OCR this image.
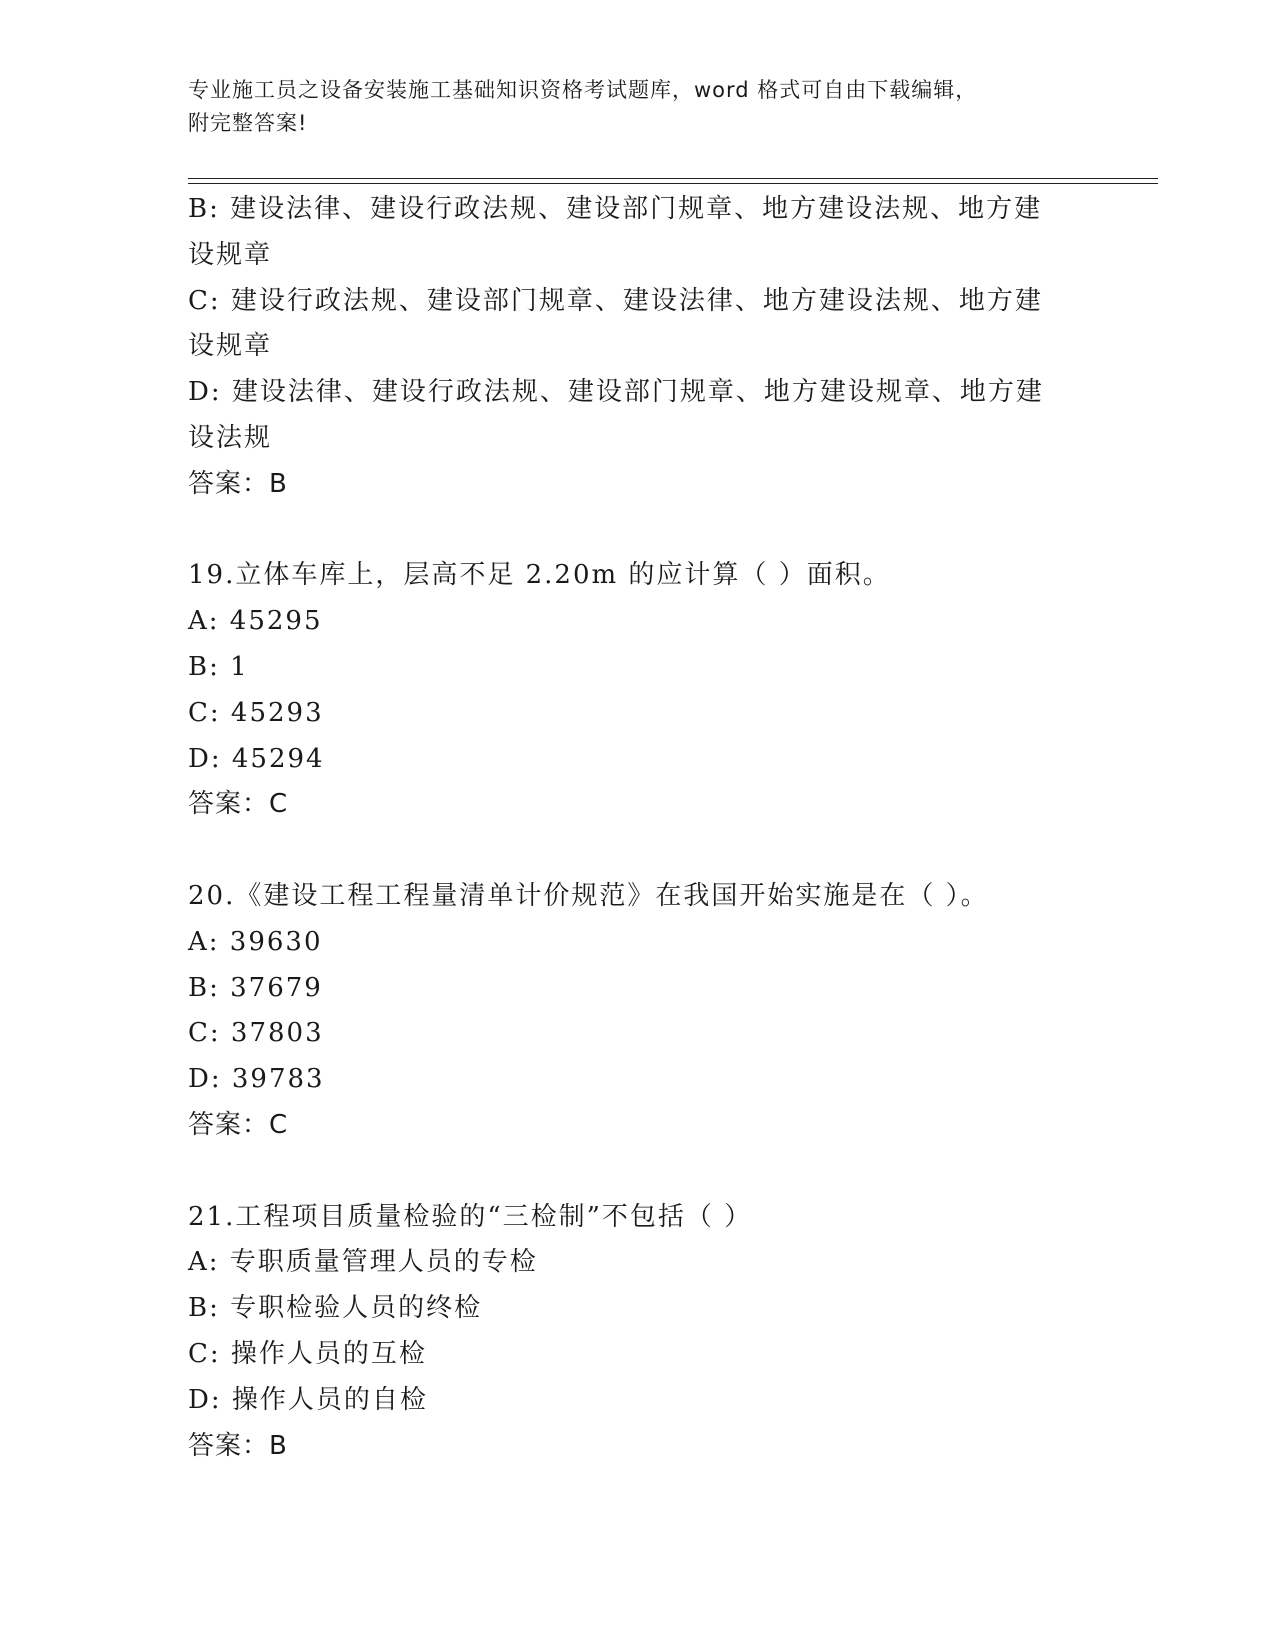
专业施工员之设备安装施工基础知识资格考试题库，word 格式可自由下载编辑，
附完整答案!
B: 建设法律、建设行政法规、建设部门规章、地方建设法规、地方建
设规章
C: 建设行政法规、建设部门规章、建设法律、地方建设法规、地方建
设规章
D: 建设法律、建设行政法规、建设部门规章、地方建设规章、地方建
设法规
答案：B
19.立体车库上，层高不足 2.20m 的应计算（ ）面积。
A: 45295
B: 1
C: 45293
D: 45294
答案：C
20.《建设工程工程量清单计价规范》在我国开始实施是在（ ）。
A: 39630
B: 37679
C: 37803
D: 39783
答案：C
21.工程项目质量检验的“三检制”不包括（ ）
A: 专职质量管理人员的专检
B: 专职检验人员的终检
C: 操作人员的互检
D: 操作人员的自检
答案：B
